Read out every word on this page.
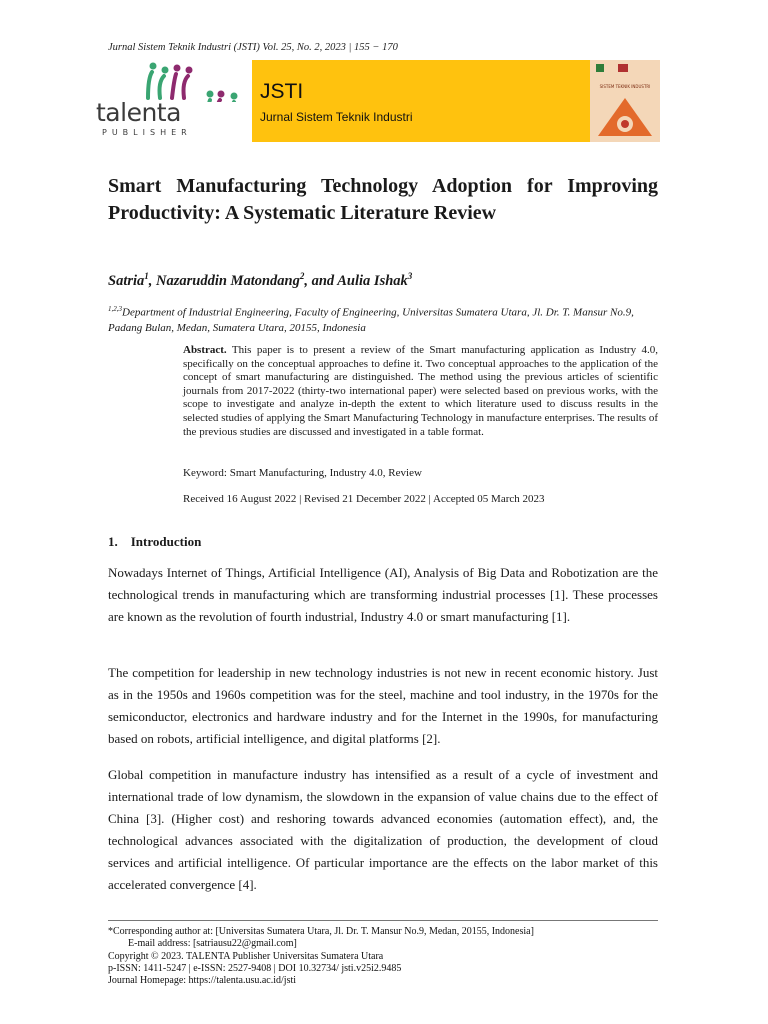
Jurnal Sistem Teknik Industri (JSTI) Vol. 25, No. 2, 2023 | 155 − 170
talenta
PUBLISHER
JSTI
Jurnal Sistem Teknik Industri
SISTEM TEKNIK INDUSTRI
Smart Manufacturing Technology Adoption for Improving Productivity: A Systematic Literature Review
Satria$^1$, Nazaruddin Matondang$^2$, and Aulia Ishak$^3$
$^{1,2,3}$Department of Industrial Engineering, Faculty of Engineering, Universitas Sumatera Utara, Jl. Dr. T. Mansur No.9, Padang Bulan, Medan, Sumatera Utara, 20155, Indonesia
Abstract. This paper is to present a review of the Smart manufacturing application as Industry 4.0, specifically on the conceptual approaches to define it. Two conceptual approaches to the application of the concept of smart manufacturing are distinguished. The method using the previous articles of scientific journals from 2017-2022 (thirty-two international paper) were selected based on previous works, with the scope to investigate and analyze in-depth the extent to which literature used to discuss results in the selected studies of applying the Smart Manufacturing Technology in manufacture enterprises. The results of the previous studies are discussed and investigated in a table format.
Keyword: Smart Manufacturing, Industry 4.0, Review
Received 16 August 2022 | Revised 21 December 2022 | Accepted 05 March 2023
1. Introduction
Nowadays Internet of Things, Artificial Intelligence (AI), Analysis of Big Data and Robotization are the technological trends in manufacturing which are transforming industrial processes [1]. These processes are known as the revolution of fourth industrial, Industry 4.0 or smart manufacturing [1].
The competition for leadership in new technology industries is not new in recent economic history. Just as in the 1950s and 1960s competition was for the steel, machine and tool industry, in the 1970s for the semiconductor, electronics and hardware industry and for the Internet in the 1990s, for manufacturing based on robots, artificial intelligence, and digital platforms [2].
Global competition in manufacture industry has intensified as a result of a cycle of investment and international trade of low dynamism, the slowdown in the expansion of value chains due to the effect of China [3]. (Higher cost) and reshoring towards advanced economies (automation effect), and, the technological advances associated with the digitalization of production, the development of cloud services and artificial intelligence. Of particular importance are the effects on the labor market of this accelerated convergence [4].
*Corresponding author at: [Universitas Sumatera Utara, Jl. Dr. T. Mansur No.9, Medan, 20155, Indonesia]
E-mail address: [satriausu22@gmail.com]
Copyright © 2023. TALENTA Publisher Universitas Sumatera Utara
p-ISSN: 1411-5247 | e-ISSN: 2527-9408 | DOI 10.32734/ jsti.v25i2.9485
Journal Homepage: https://talenta.usu.ac.id/jsti
